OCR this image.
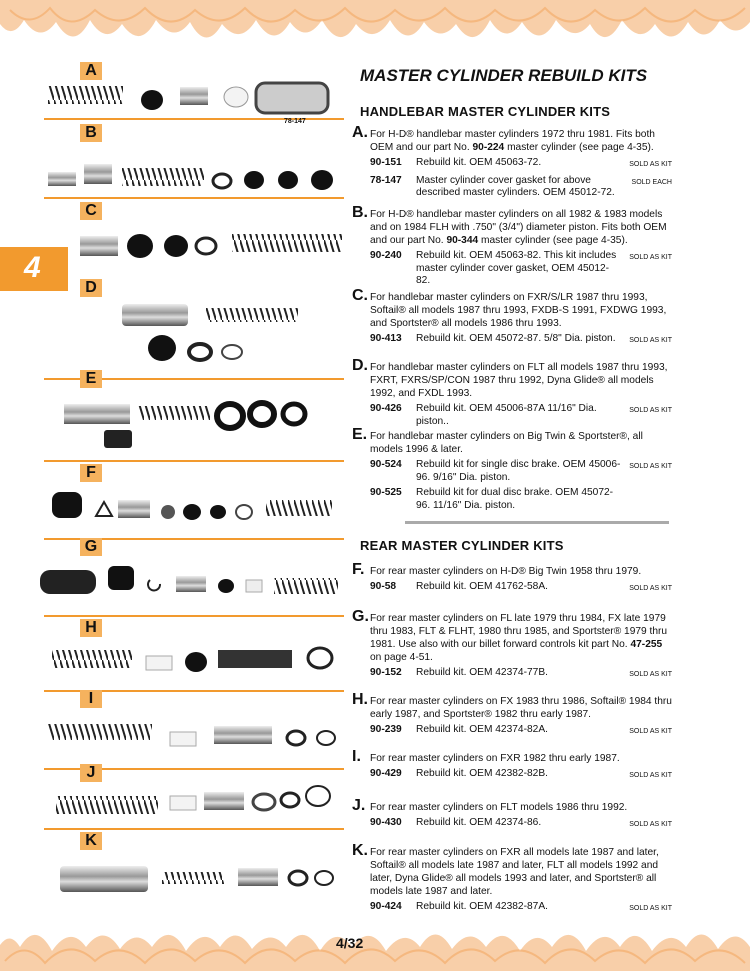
4
A
B
C
D
E
F
G
H
I
J
K
78-147
MASTER CYLINDER REBUILD KITS
HANDLEBAR MASTER CYLINDER KITS
REAR MASTER CYLINDER KITS
A. For H-D® handlebar master cylinders 1972 thru 1981. Fits both OEM and our part No. 90-224 master cylinder (see page 4-35).
90-151	Rebuild kit. OEM 45063-72.	SOLD AS KIT
78-147	Master cylinder cover gasket for above described master cylinders. OEM 45012-72.
SOLD EACH
B. For H-D® handlebar master cylinders on all 1982 & 1983 models and on 1984 FLH with .750" (3/4") diameter piston. Fits both OEM and our part No. 90-344 master cylinder (see page 4-35).
90-240	Rebuild kit. OEM 45063-82. This kit includes master cylinder cover gasket, OEM 45012-82.
SOLD AS KIT
C. For handlebar master cylinders on FXR/S/LR 1987 thru 1993, Softail® all models 1987 thru 1993, FXDB-S 1991, FXDWG 1993, and Sportster® all models 1986 thru 1993.
90-413	Rebuild kit. OEM 45072-87. 5/8" Dia. piston.	SOLD AS KIT
D. For handlebar master cylinders on FLT all models 1987 thru 1993, FXRT, FXRS/SP/CON 1987 thru 1992, Dyna Glide® all models 1992, and FXDL 1993.
90-426	Rebuild kit. OEM 45006-87A 11/16" Dia. piston..
SOLD AS KIT
E. For handlebar master cylinders on Big Twin & Sportster®, all models 1996 & later.
90-524	Rebuild kit for single disc brake. OEM 45006-96. 9/16" Dia. piston.
SOLD AS KIT
90-525	Rebuild kit for dual disc brake. OEM 45072-96. 11/16" Dia. piston.
F. For rear master cylinders on H-D® Big Twin 1958 thru 1979.
90-58	Rebuild kit. OEM 41762-58A.	SOLD AS KIT
G. For rear master cylinders on FL late 1979 thru 1984, FX late 1979 thru 1983, FLT & FLHT, 1980 thru 1985, and Sportster® 1979 thru 1981. Use also with our billet forward controls kit part No. 47-255 on page 4-51.
90-152	Rebuild kit. OEM 42374-77B.	SOLD AS KIT
H. For rear master cylinders on FX 1983 thru 1986, Softail® 1984 thru early 1987, and Sportster® 1982 thru early 1987.
90-239	Rebuild kit. OEM 42374-82A.	SOLD AS KIT
I. For rear master cylinders on FXR 1982 thru early 1987.
90-429	Rebuild kit. OEM 42382-82B.	SOLD AS KIT
J. For rear master cylinders on FLT models 1986 thru 1992.
90-430	Rebuild kit. OEM 42374-86.	SOLD AS KIT
K. For rear master cylinders on FXR all models late 1987 and later, Softail® all models late 1987 and later, FLT all models 1992 and later, Dyna Glide® all models 1993 and later, and Sportster® all models late 1987 and later.
90-424	Rebuild kit. OEM 42382-87A.	SOLD AS KIT
4/32
